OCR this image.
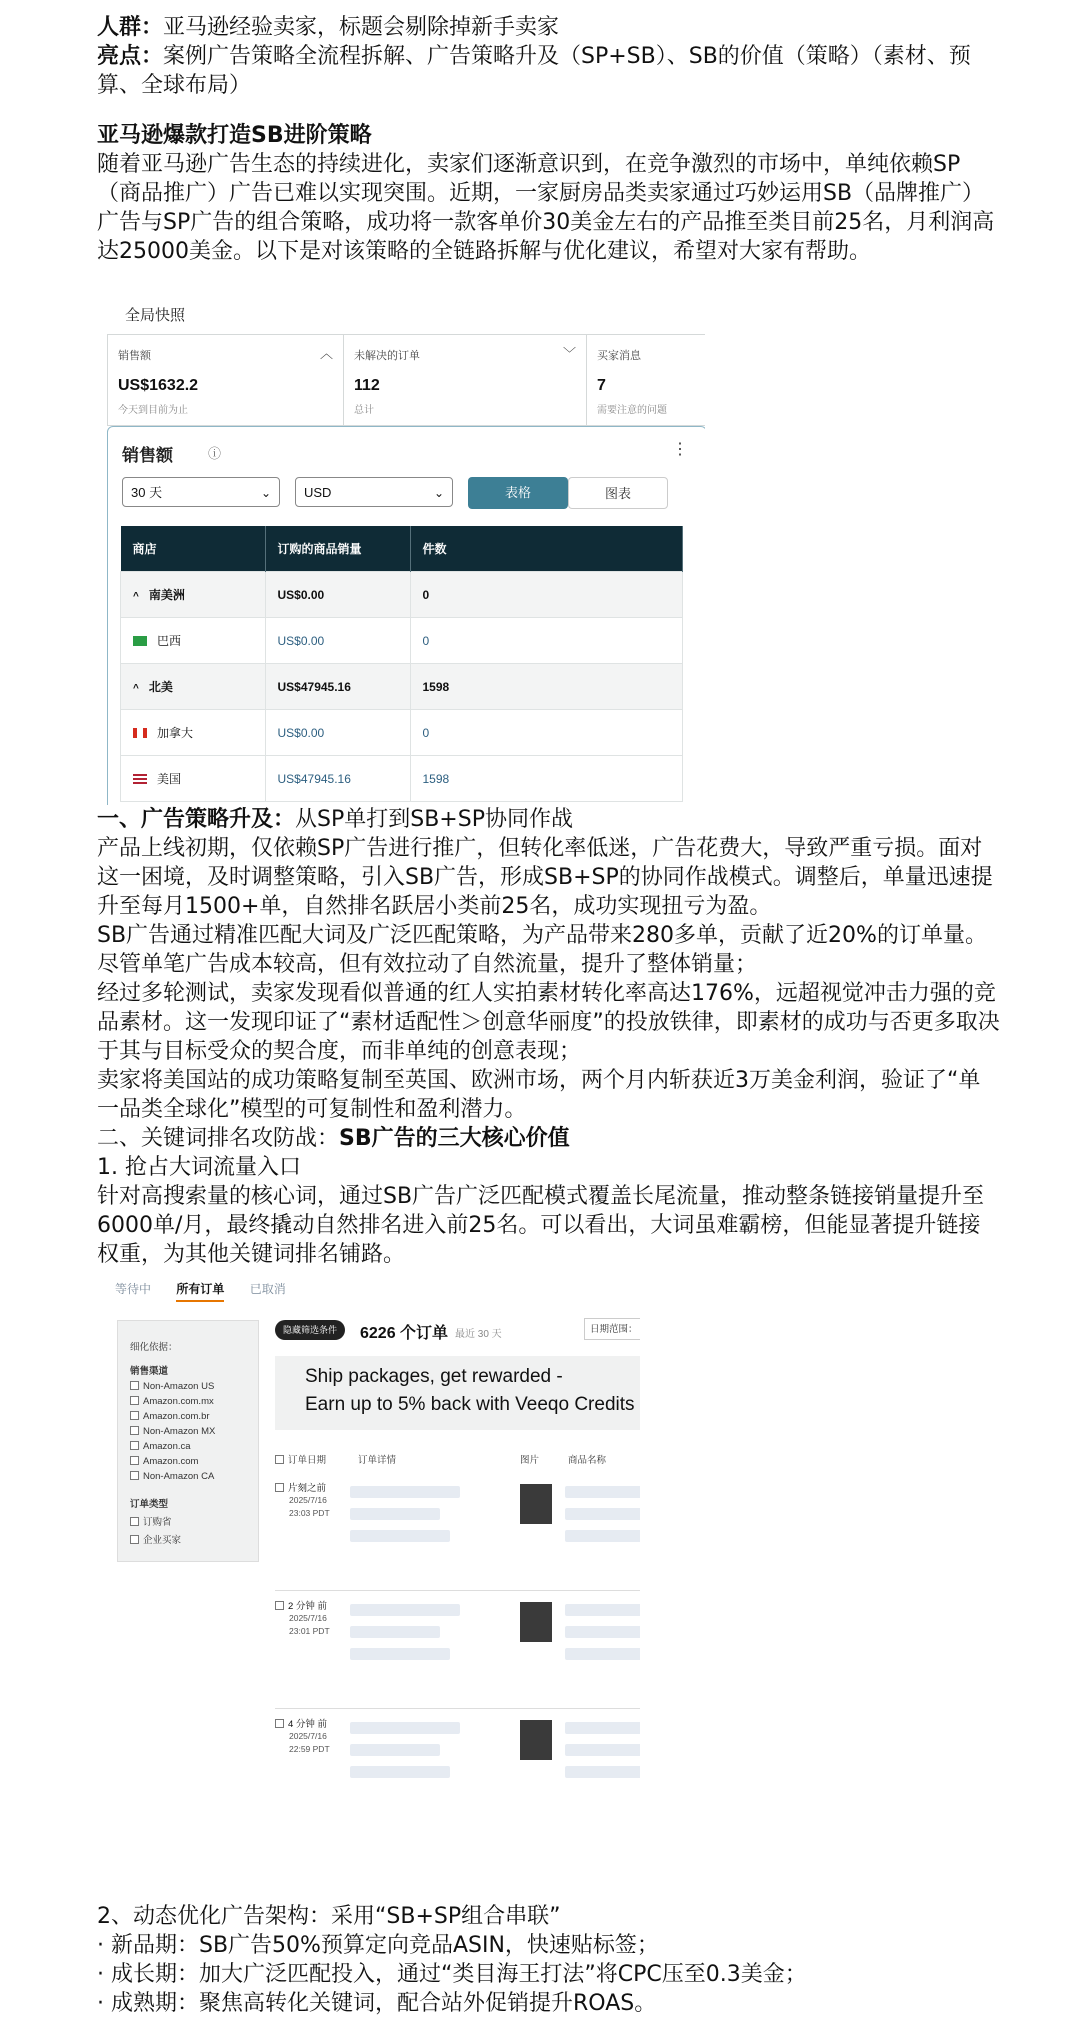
人群：亚马逊经验卖家，标题会剔除掉新手卖家

亮点：案例广告策略全流程拆解、广告策略升及（SP+SB）、SB的价值（策略）（素材、预算、全球布局）

亚马逊爆款打造SB进阶策略

随着亚马逊广告生态的持续进化，卖家们逐渐意识到，在竞争激烈的市场中，单纯依赖SP（商品推广）广告已难以实现突围。近期，一家厨房品类卖家通过巧妙运用SB（品牌推广）广告与SP广告的组合策略，成功将一款客单价30美金左右的产品推至类目前25名，月利润高达25000美金。以下是对该策略的全链路拆解与优化建议，希望对大家有帮助。

全局快照
销售额	︿
US$1632.2
今天到目前为止
未解决的订单	﹀
112
总计
买家消息
7
需要注意的问题
销售额	ⓘ	⋮
30 天	⌄	USD	⌄	表格	图表
商店	订购的商品销量	件数
^ 南美洲	US$0.00	0
巴西	US$0.00	0
^ 北美	US$47945.16	1598
加拿大	US$0.00	0
美国	US$47945.16	1598

一、广告策略升及：从SP单打到SB+SP协同作战

产品上线初期，仅依赖SP广告进行推广，但转化率低迷，广告花费大，导致严重亏损。面对这一困境，及时调整策略，引入SB广告，形成SB+SP的协同作战模式。调整后，单量迅速提升至每月1500+单，自然排名跃居小类前25名，成功实现扭亏为盈。

SB广告通过精准匹配大词及广泛匹配策略，为产品带来280多单，贡献了近20%的订单量。尽管单笔广告成本较高，但有效拉动了自然流量，提升了整体销量；

经过多轮测试，卖家发现看似普通的红人实拍素材转化率高达176%，远超视觉冲击力强的竞品素材。这一发现印证了“素材适配性＞创意华丽度”的投放铁律，即素材的成功与否更多取决于其与目标受众的契合度，而非单纯的创意表现；

卖家将美国站的成功策略复制至英国、欧洲市场，两个月内斩获近3万美金利润，验证了“单一品类全球化”模型的可复制性和盈利潜力。

二、关键词排名攻防战：SB广告的三大核心价值

1. 抢占大词流量入口

针对高搜索量的核心词，通过SB广告广泛匹配模式覆盖长尾流量，推动整条链接销量提升至6000单/月，最终撬动自然排名进入前25名。可以看出，大词虽难霸榜，但能显著提升链接权重，为其他关键词排名铺路。

等待中 所有订单 已取消

细化依据：

销售渠道

Non-Amazon US
Amazon.com.mx
Amazon.com.br
Non-Amazon MX
Amazon.ca
Amazon.com
Non-Amazon CA

订单类型

订购省
企业买家
隐藏筛选条件	6226 个订单 最近 30 天	日期范围：
Ship packages, get rewarded -
Earn up to 5% back with Veeqo Credits
订单日期	订单详情	图片	商品名称
片刻之前
2025/7/16
23:03 PDT
2 分钟 前
2025/7/16
23:01 PDT
4 分钟 前
2025/7/16
22:59 PDT

2、动态优化广告架构：采用“SB+SP组合串联”

· 新品期：SB广告50%预算定向竞品ASIN，快速贴标签；

· 成长期：加大广泛匹配投入，通过“类目海王打法”将CPC压至0.3美金；

· 成熟期：聚焦高转化关键词，配合站外促销提升ROAS。
